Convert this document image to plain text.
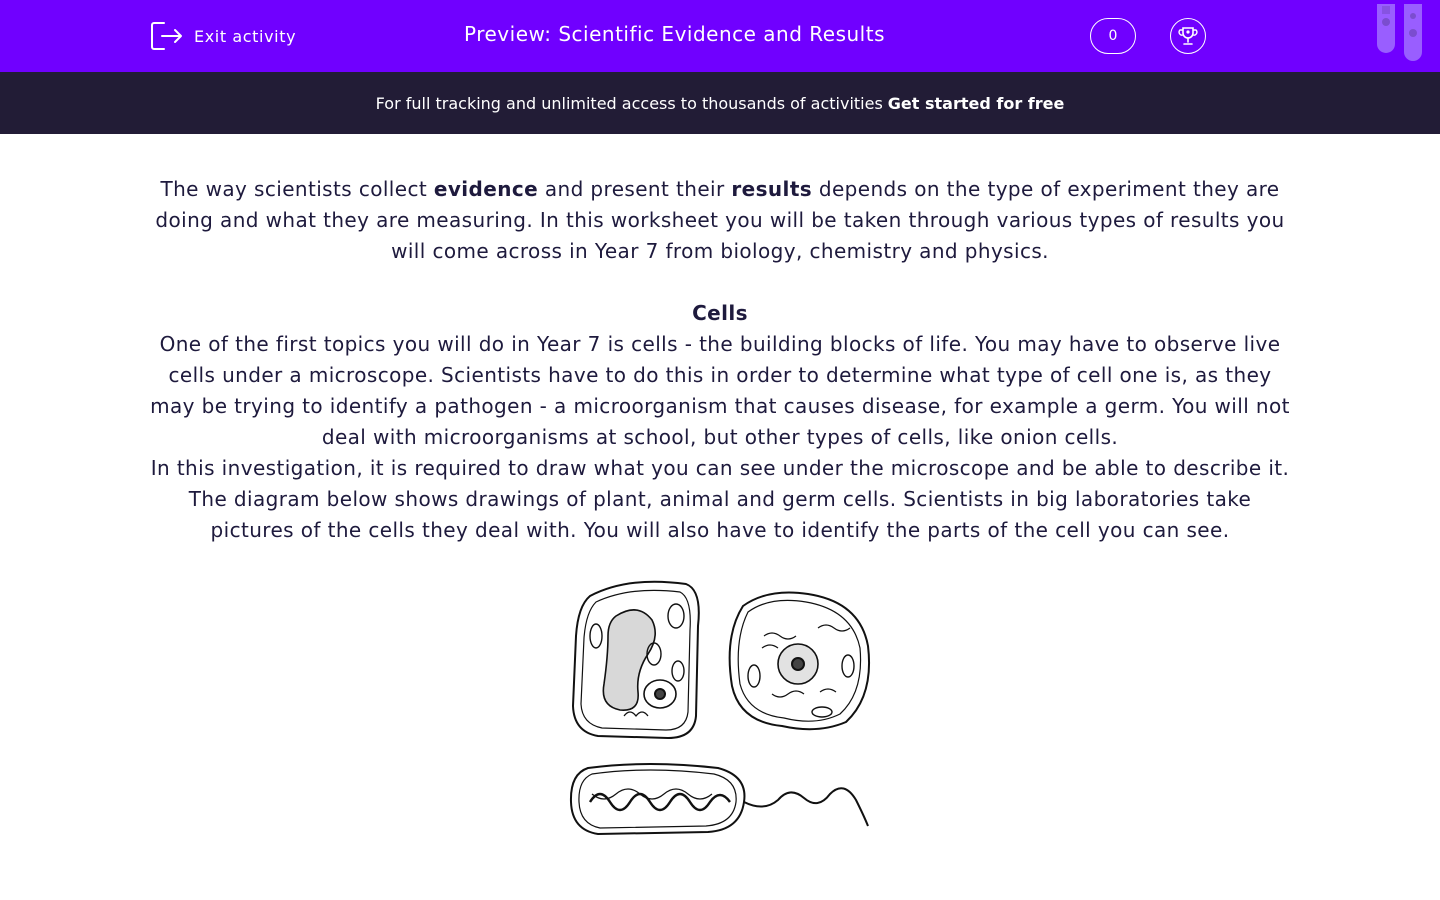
Exit activity	Preview: Scientific Evidence and Results	0
For full tracking and unlimited access to thousands of activities Get started for free

The way scientists collect evidence and present their results depends on the type of experiment they are doing and what they are measuring. In this worksheet you will be taken through various types of results you will come across in Year 7 from biology, chemistry and physics.

Cells

One of the first topics you will do in Year 7 is cells - the building blocks of life. You may have to observe live cells under a microscope. Scientists have to do this in order to determine what type of cell one is, as they may be trying to identify a pathogen - a microorganism that causes disease, for example a germ. You will not deal with microorganisms at school, but other types of cells, like onion cells.

In this investigation, it is required to draw what you can see under the microscope and be able to describe it. The diagram below shows drawings of plant, animal and germ cells. Scientists in big laboratories take pictures of the cells they deal with. You will also have to identify the parts of the cell you can see.
